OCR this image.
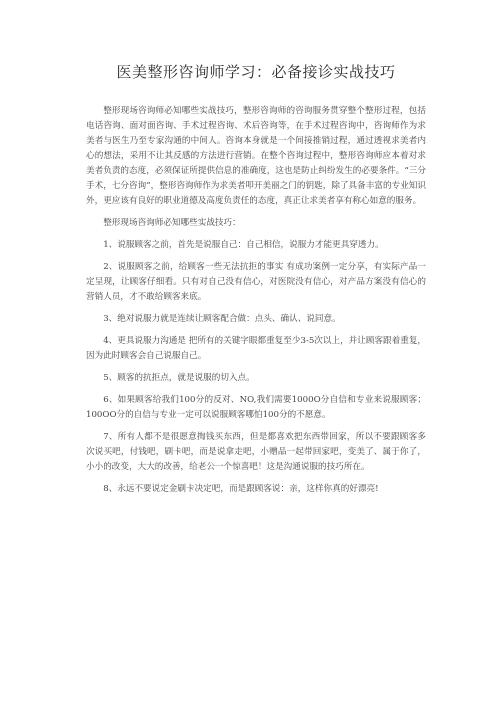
医美整形咨询师学习：必备接诊实战技巧

整形现场咨询师必知哪些实战技巧，整形咨询师的咨询服务贯穿整个整形过程，包括电话咨询、面对面咨询、手术过程咨询、术后咨询等，在手术过程咨询中，咨询师作为求美者与医生乃至专家沟通的中间人。咨询本身就是一个间接推销过程，通过透视求美者内心的想法，采用不让其反感的方法进行营销。在整个咨询过程中，整形咨询师应本着对求美者负责的态度，必须保证所提供信息的准确度，这也是防止纠纷发生的必要条件。“三分手术，七分咨询”，整形咨询师作为求美者叩开美丽之门的钥匙，除了具备丰富的专业知识外，更应该有良好的职业道德及高度负责任的态度，真正让求美者享有称心如意的服务。

整形现场咨询师必知哪些实战技巧：

1、说服顾客之前，首先是说服自己：自己相信，说服力才能更具穿透力。

2、说服顾客之前，给顾客一些无法抗拒的事实 有成功案例一定分享，有实际产品一定呈现，让顾客仔细看。只有对自己没有信心，对医院没有信心，对产品方案没有信心的营销人员，才不敢给顾客来底。

3、绝对说服力就是连续让顾客配合做：点头、确认、说同意。

4、更具说服力沟通是 把所有的关键字眼都重复至少3-5次以上，并让顾客跟着重复，因为此时顾客会自己说服自己。

5、顾客的抗拒点，就是说服的切入点。

6、如果顾客给我们100分的反对、NO,我们需要1000O分自信和专业来说服顾客；100OO分的自信与专业一定可以说服顾客哪怕100分的不愿意。

7、所有人都不是很愿意掏钱买东西，但是都喜欢把东西带回家，所以不要跟顾客多次说买吧，付钱吧，刷卡吧，而是说拿走吧，小赠品一起带回家吧，变美了、属于你了，小小的改变，大大的改善，给老公一个惊喜吧！这是沟通说服的技巧所在。

8、永远不要说定金刷卡决定吧，而是跟顾客说：亲，这样你真的好漂亮!
